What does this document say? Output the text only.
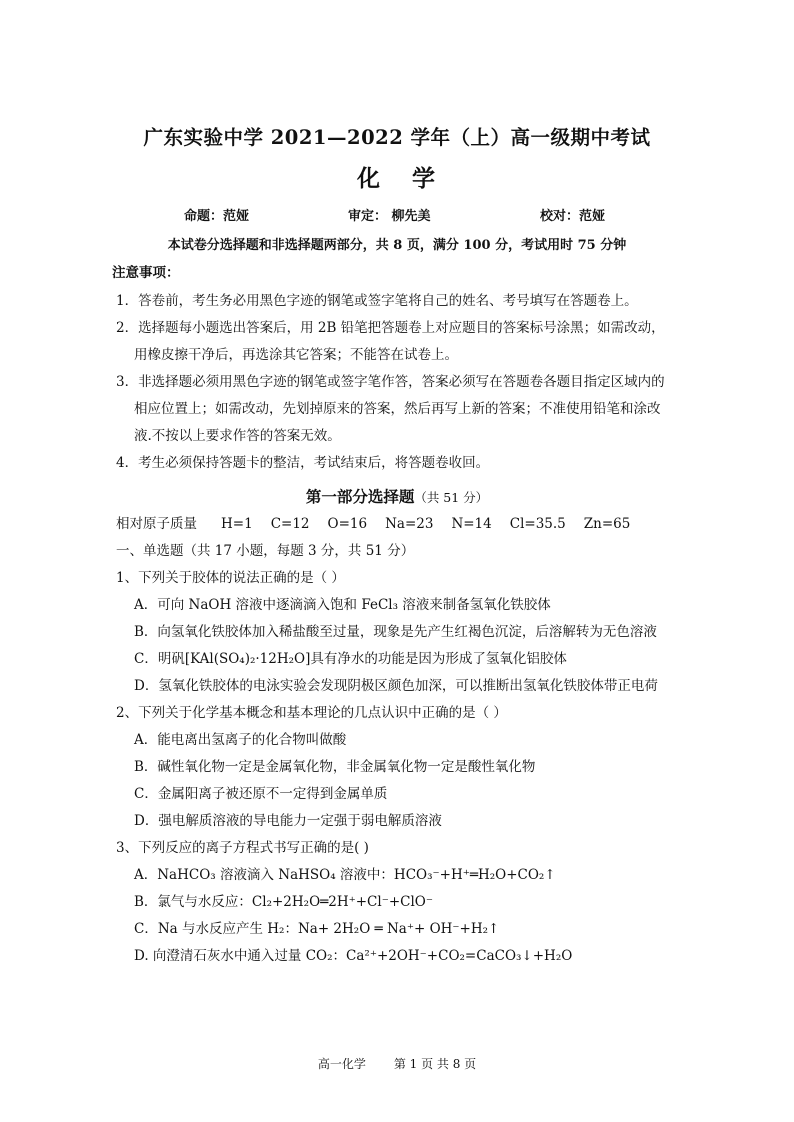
广东实验中学 2021—2022 学年（上）高一级期中考试
化 学
命题：范娅	审定： 柳先美	校对：范娅
本试卷分选择题和非选择题两部分，共 8 页，满分 100 分，考试用时 75 分钟
注意事项：
1．答卷前，考生务必用黑色字迹的钢笔或签字笔将自己的姓名、考号填写在答题卷上。
2．选择题每小题选出答案后，用 2B 铅笔把答题卷上对应题目的答案标号涂黑；如需改动，
用橡皮擦干净后，再选涂其它答案；不能答在试卷上。
3．非选择题必须用黑色字迹的钢笔或签字笔作答，答案必须写在答题卷各题目指定区域内的
相应位置上；如需改动，先划掉原来的答案，然后再写上新的答案；不准使用铅笔和涂改
液.不按以上要求作答的答案无效。
4．考生必须保持答题卡的整洁，考试结束后，将答题卷收回。
第一部分选择题（共 51 分）
相对原子质量 H=1 C=12 O=16 Na=23 N=14 Cl=35.5 Zn=65
一、单选题（共 17 小题，每题 3 分，共 51 分）
1、下列关于胶体的说法正确的是（ ）
A．可向 NaOH 溶液中逐滴滴入饱和 FeCl₃ 溶液来制备氢氧化铁胶体
B．向氢氧化铁胶体加入稀盐酸至过量，现象是先产生红褐色沉淀，后溶解转为无色溶液
C．明矾[KAl(SO₄)₂·12H₂O]具有净水的功能是因为形成了氢氧化铝胶体
D．氢氧化铁胶体的电泳实验会发现阴极区颜色加深，可以推断出氢氧化铁胶体带正电荷
2、下列关于化学基本概念和基本理论的几点认识中正确的是（ ）
A．能电离出氢离子的化合物叫做酸
B．碱性氧化物一定是金属氧化物，非金属氧化物一定是酸性氧化物
C．金属阳离子被还原不一定得到金属单质
D．强电解质溶液的导电能力一定强于弱电解质溶液
3、下列反应的离子方程式书写正确的是( )
A．NaHCO₃ 溶液滴入 NaHSO₄ 溶液中：HCO₃⁻+H⁺═H₂O+CO₂↑
B．氯气与水反应：Cl₂+2H₂O═2H⁺+Cl⁻+ClO⁻
C．Na 与水反应产生 H₂：Na+ 2H₂O ═ Na⁺+ OH⁻+H₂↑
D. 向澄清石灰水中通入过量 CO₂：Ca²⁺+2OH⁻+CO₂=CaCO₃↓+H₂O
高一化学 第 1 页 共 8 页
